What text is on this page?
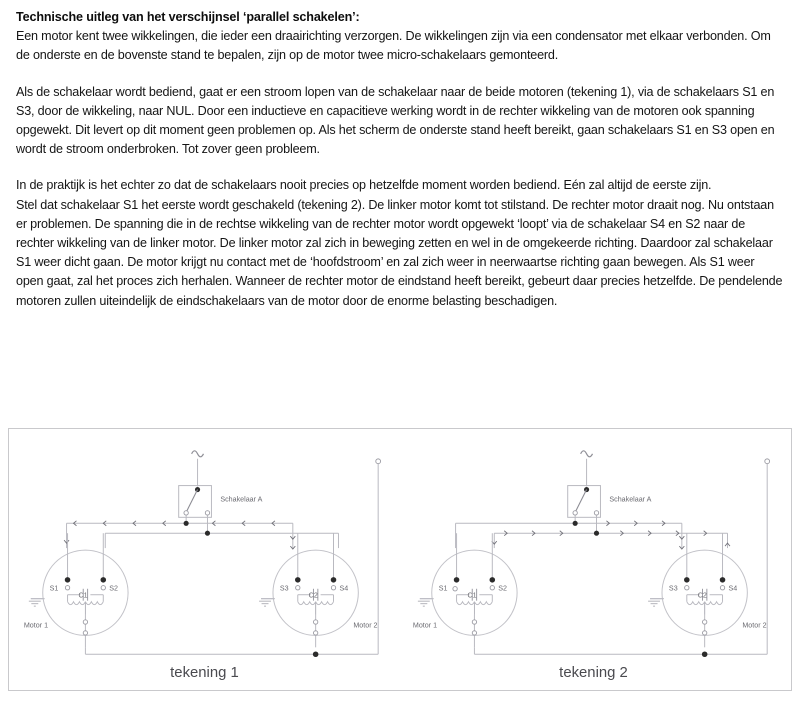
Technische uitleg van het verschijnsel ‘parallel schakelen’:

Een motor kent twee wikkelingen, die ieder een draairichting verzorgen. De wikkelingen zijn via een condensator met elkaar verbonden. Om de onderste en de bovenste stand te bepalen, zijn op de motor twee micro-schakelaars gemonteerd.

Als de schakelaar wordt bediend, gaat er een stroom lopen van de schakelaar naar de beide motoren (tekening 1), via de schakelaars S1 en S3, door de wikkeling, naar NUL. Door een inductieve en capacitieve werking wordt in de rechter wikkeling van de motoren ook spanning opgewekt. Dit levert op dit moment geen problemen op. Als het scherm de onderste stand heeft bereikt, gaan schakelaars S1 en S3 open en wordt de stroom onderbroken. Tot zover geen probleem.

In de praktijk is het echter zo dat de schakelaars nooit precies op hetzelfde moment worden bediend. Eén zal altijd de eerste zijn.

Stel dat schakelaar S1 het eerste wordt geschakeld (tekening 2). De linker motor komt tot stilstand. De rechter motor draait nog. Nu ontstaan er problemen. De spanning die in de rechtse wikkeling van de rechter motor wordt opgewekt ‘loopt’ via de schakelaar S4 en S2 naar de rechter wikkeling van de linker motor. De linker motor zal zich in beweging zetten en wel in de omgekeerde richting. Daardoor zal schakelaar S1 weer dicht gaan. De motor krijgt nu contact met de ‘hoofdstroom’ en zal zich weer in neerwaartse richting gaan bewegen. Als S1 weer open gaat, zal het proces zich herhalen. Wanneer de rechter motor de eindstand heeft bereikt, gebeurt daar precies hetzelfde. De pendelende motoren zullen uiteindelijk de eindschakelaars van de motor door de enorme belasting beschadigen.

Schakelaar A
S1	S2
C1
Motor 1
S3	S4
C2
Motor 2
tekening 1
Schakelaar A
S1	S2
C1
Motor 1
S3	S4
C2
Motor 2
tekening 2
